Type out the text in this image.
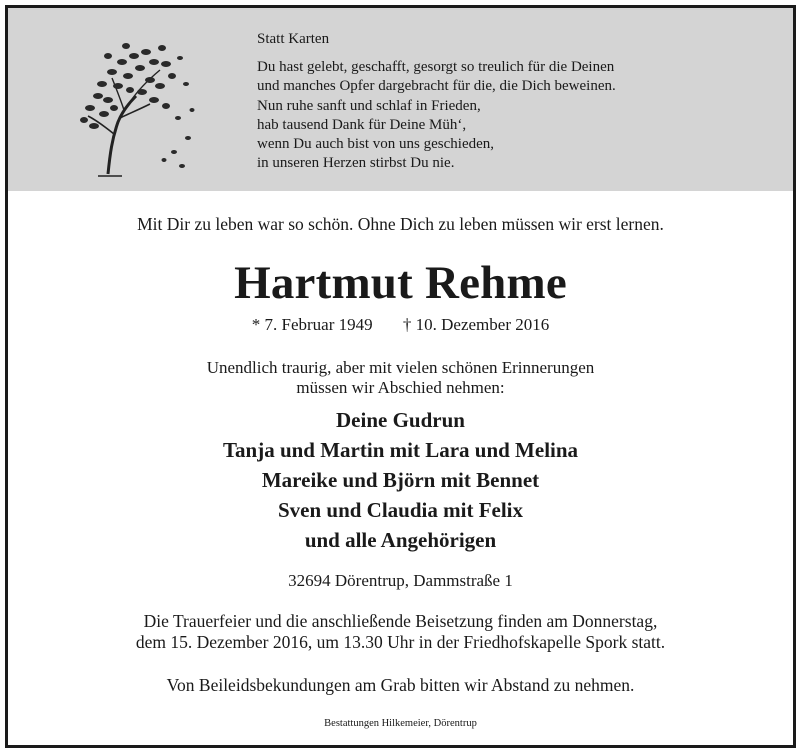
Statt Karten
Du hast gelebt, geschafft, gesorgt so treulich für die Deinen
und manches Opfer dargebracht für die, die Dich beweinen.
Nun ruhe sanft und schlaf in Frieden,
hab tausend Dank für Deine Müh‘,
wenn Du auch bist von uns geschieden,
in unseren Herzen stirbst Du nie.
Mit Dir zu leben war so schön. Ohne Dich zu leben müssen wir erst lernen.
Hartmut Rehme
* 7. Februar 1949 † 10. Dezember 2016
Unendlich traurig, aber mit vielen schönen Erinnerungen
müssen wir Abschied nehmen:
Deine Gudrun
Tanja und Martin mit Lara und Melina
Mareike und Björn mit Bennet
Sven und Claudia mit Felix
und alle Angehörigen
32694 Dörentrup, Dammstraße 1
Die Trauerfeier und die anschließende Beisetzung finden am Donnerstag,
dem 15. Dezember 2016, um 13.30 Uhr in der Friedhofskapelle Spork statt.
Von Beileidsbekundungen am Grab bitten wir Abstand zu nehmen.
Bestattungen Hilkemeier, Dörentrup
